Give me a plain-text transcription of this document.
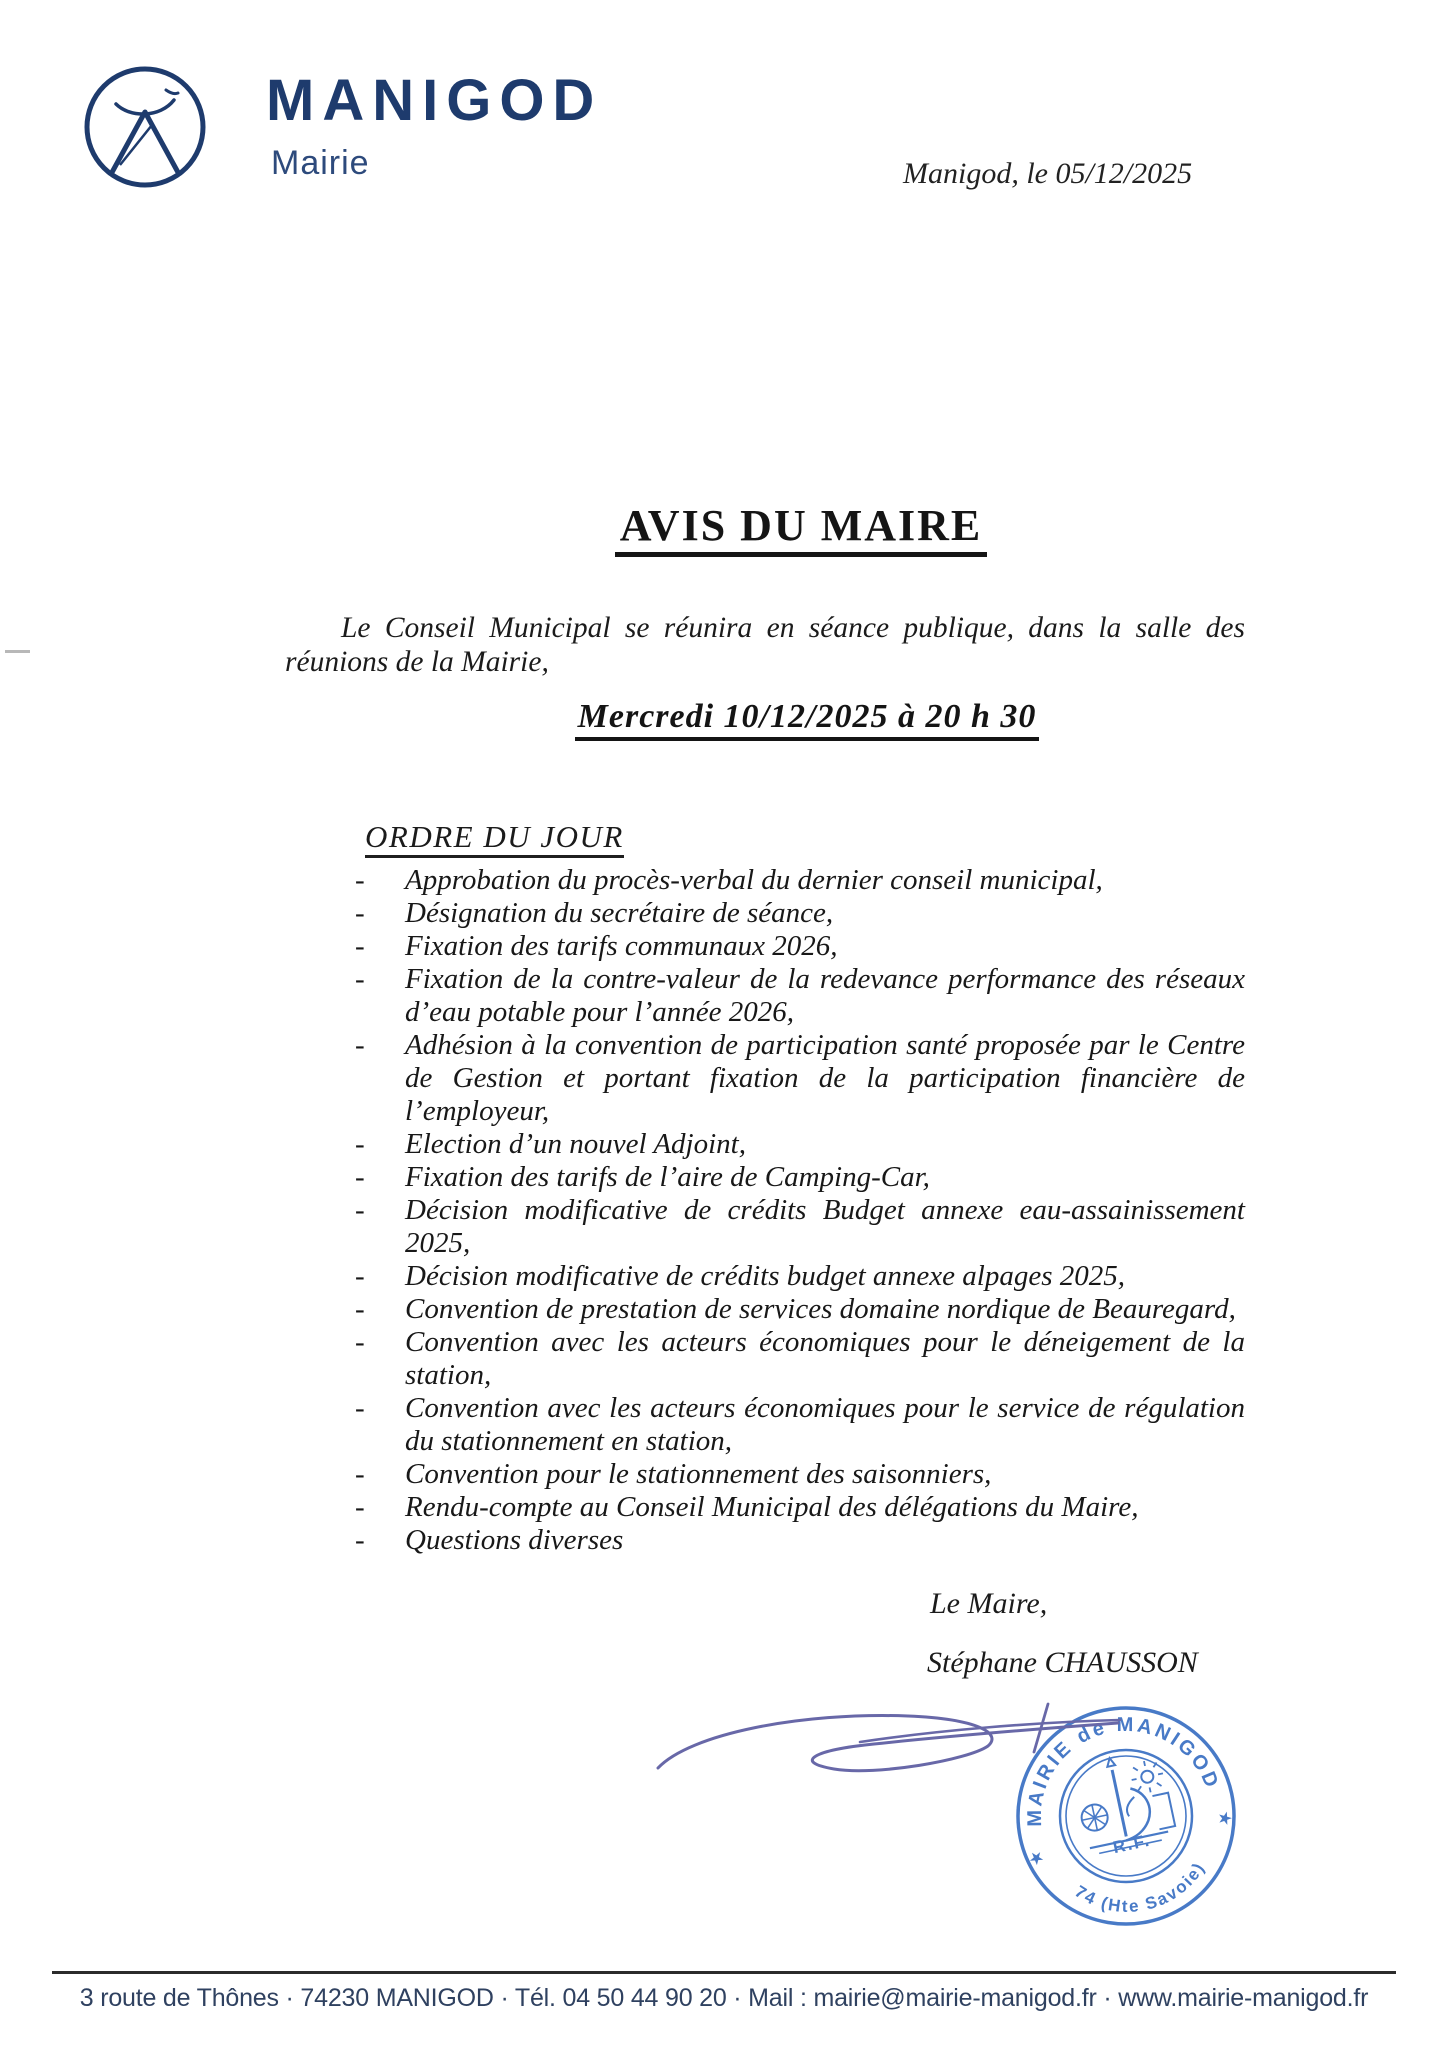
MANIGOD
Mairie	Manigod, le 05/12/2025
AVIS DU MAIRE

Le Conseil Municipal se réunira en séance publique, dans la salle des réunions de la Mairie,

Mercredi 10/12/2025 à 20 h 30
ORDRE DU JOUR
- Approbation du procès-verbal du dernier conseil municipal,
- Désignation du secrétaire de séance,
- Fixation des tarifs communaux 2026,
- Fixation de la contre-valeur de la redevance performance des réseaux d’eau potable pour l’année 2026,
- Adhésion à la convention de participation santé proposée par le Centre de Gestion et portant fixation de la participation financière de l’employeur,
- Election d’un nouvel Adjoint,
- Fixation des tarifs de l’aire de Camping-Car,
- Décision modificative de crédits Budget annexe eau-assainissement 2025,
- Décision modificative de crédits budget annexe alpages 2025,
- Convention de prestation de services domaine nordique de Beauregard,
- Convention avec les acteurs économiques pour le déneigement de la station,
- Convention avec les acteurs économiques pour le service de régulation du stationnement en station,
- Convention pour le stationnement des saisonniers,
- Rendu-compte au Conseil Municipal des délégations du Maire,
- Questions diverses
Le Maire,
Stéphane CHAUSSON
MAIRIE de MANIGOD
74 (Hte Savoie)
R.F.
★
★
3 route de Thônes · 74230 MANIGOD · Tél. 04 50 44 90 20 · Mail : mairie@mairie-manigod.fr · www.mairie-manigod.fr
